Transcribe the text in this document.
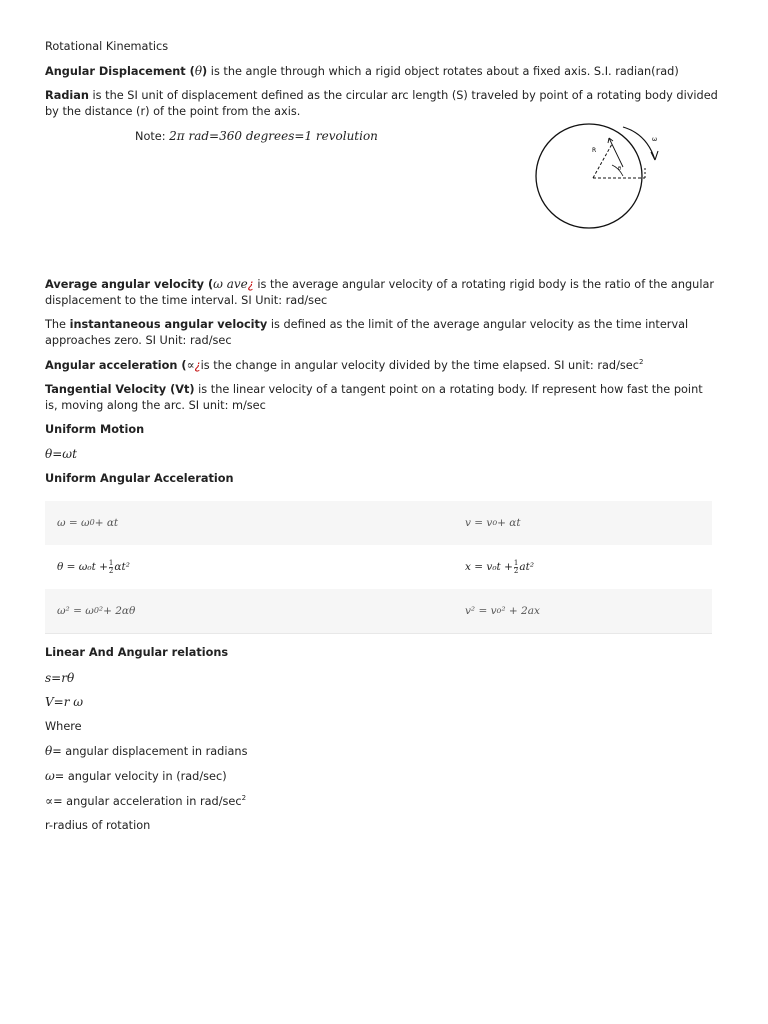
Rotational Kinematics
Angular Displacement (θ) is the angle through which a rigid object rotates about a fixed axis. S.I. radian(rad)
Radian is the SI unit of displacement defined as the circular arc length (S) traveled by point of a rotating body divided by the distance (r) of the point from the axis.
Note: 2π rad=360 degrees=1 revolution
R
θ
ω
Average angular velocity (ω ave¿ is the average angular velocity of a rotating rigid body is the ratio of the angular displacement to the time interval. SI Unit: rad/sec
The instantaneous angular velocity is defined as the limit of the average angular velocity as the time interval approaches zero. SI Unit: rad/sec
Angular acceleration (∝¿is the change in angular velocity divided by the time elapsed. SI unit: rad/$\sec^2$
Tangential Velocity (Vt) is the linear velocity of a tangent point on a rotating body. If represent how fast the point is, moving along the arc. SI unit: m/sec
Uniform Motion
θ=ωt
Uniform Angular Acceleration
ω = ω 0 + αt	v = v o + αt
$\theta = \omega_0t + \frac{1}{2} \alpha t^2$	$x = v_0t + \frac{1}{2} at^2$
ω² = ω 0 ²+ 2αθ	v² = v o ² + 2ax
Linear And Angular relations
s=rθ
V=r ω
Where
θ= angular displacement in radians
ω= angular velocity in (rad/sec)
∝= angular acceleration in rad/$\sec^2$
r-radius of rotation
